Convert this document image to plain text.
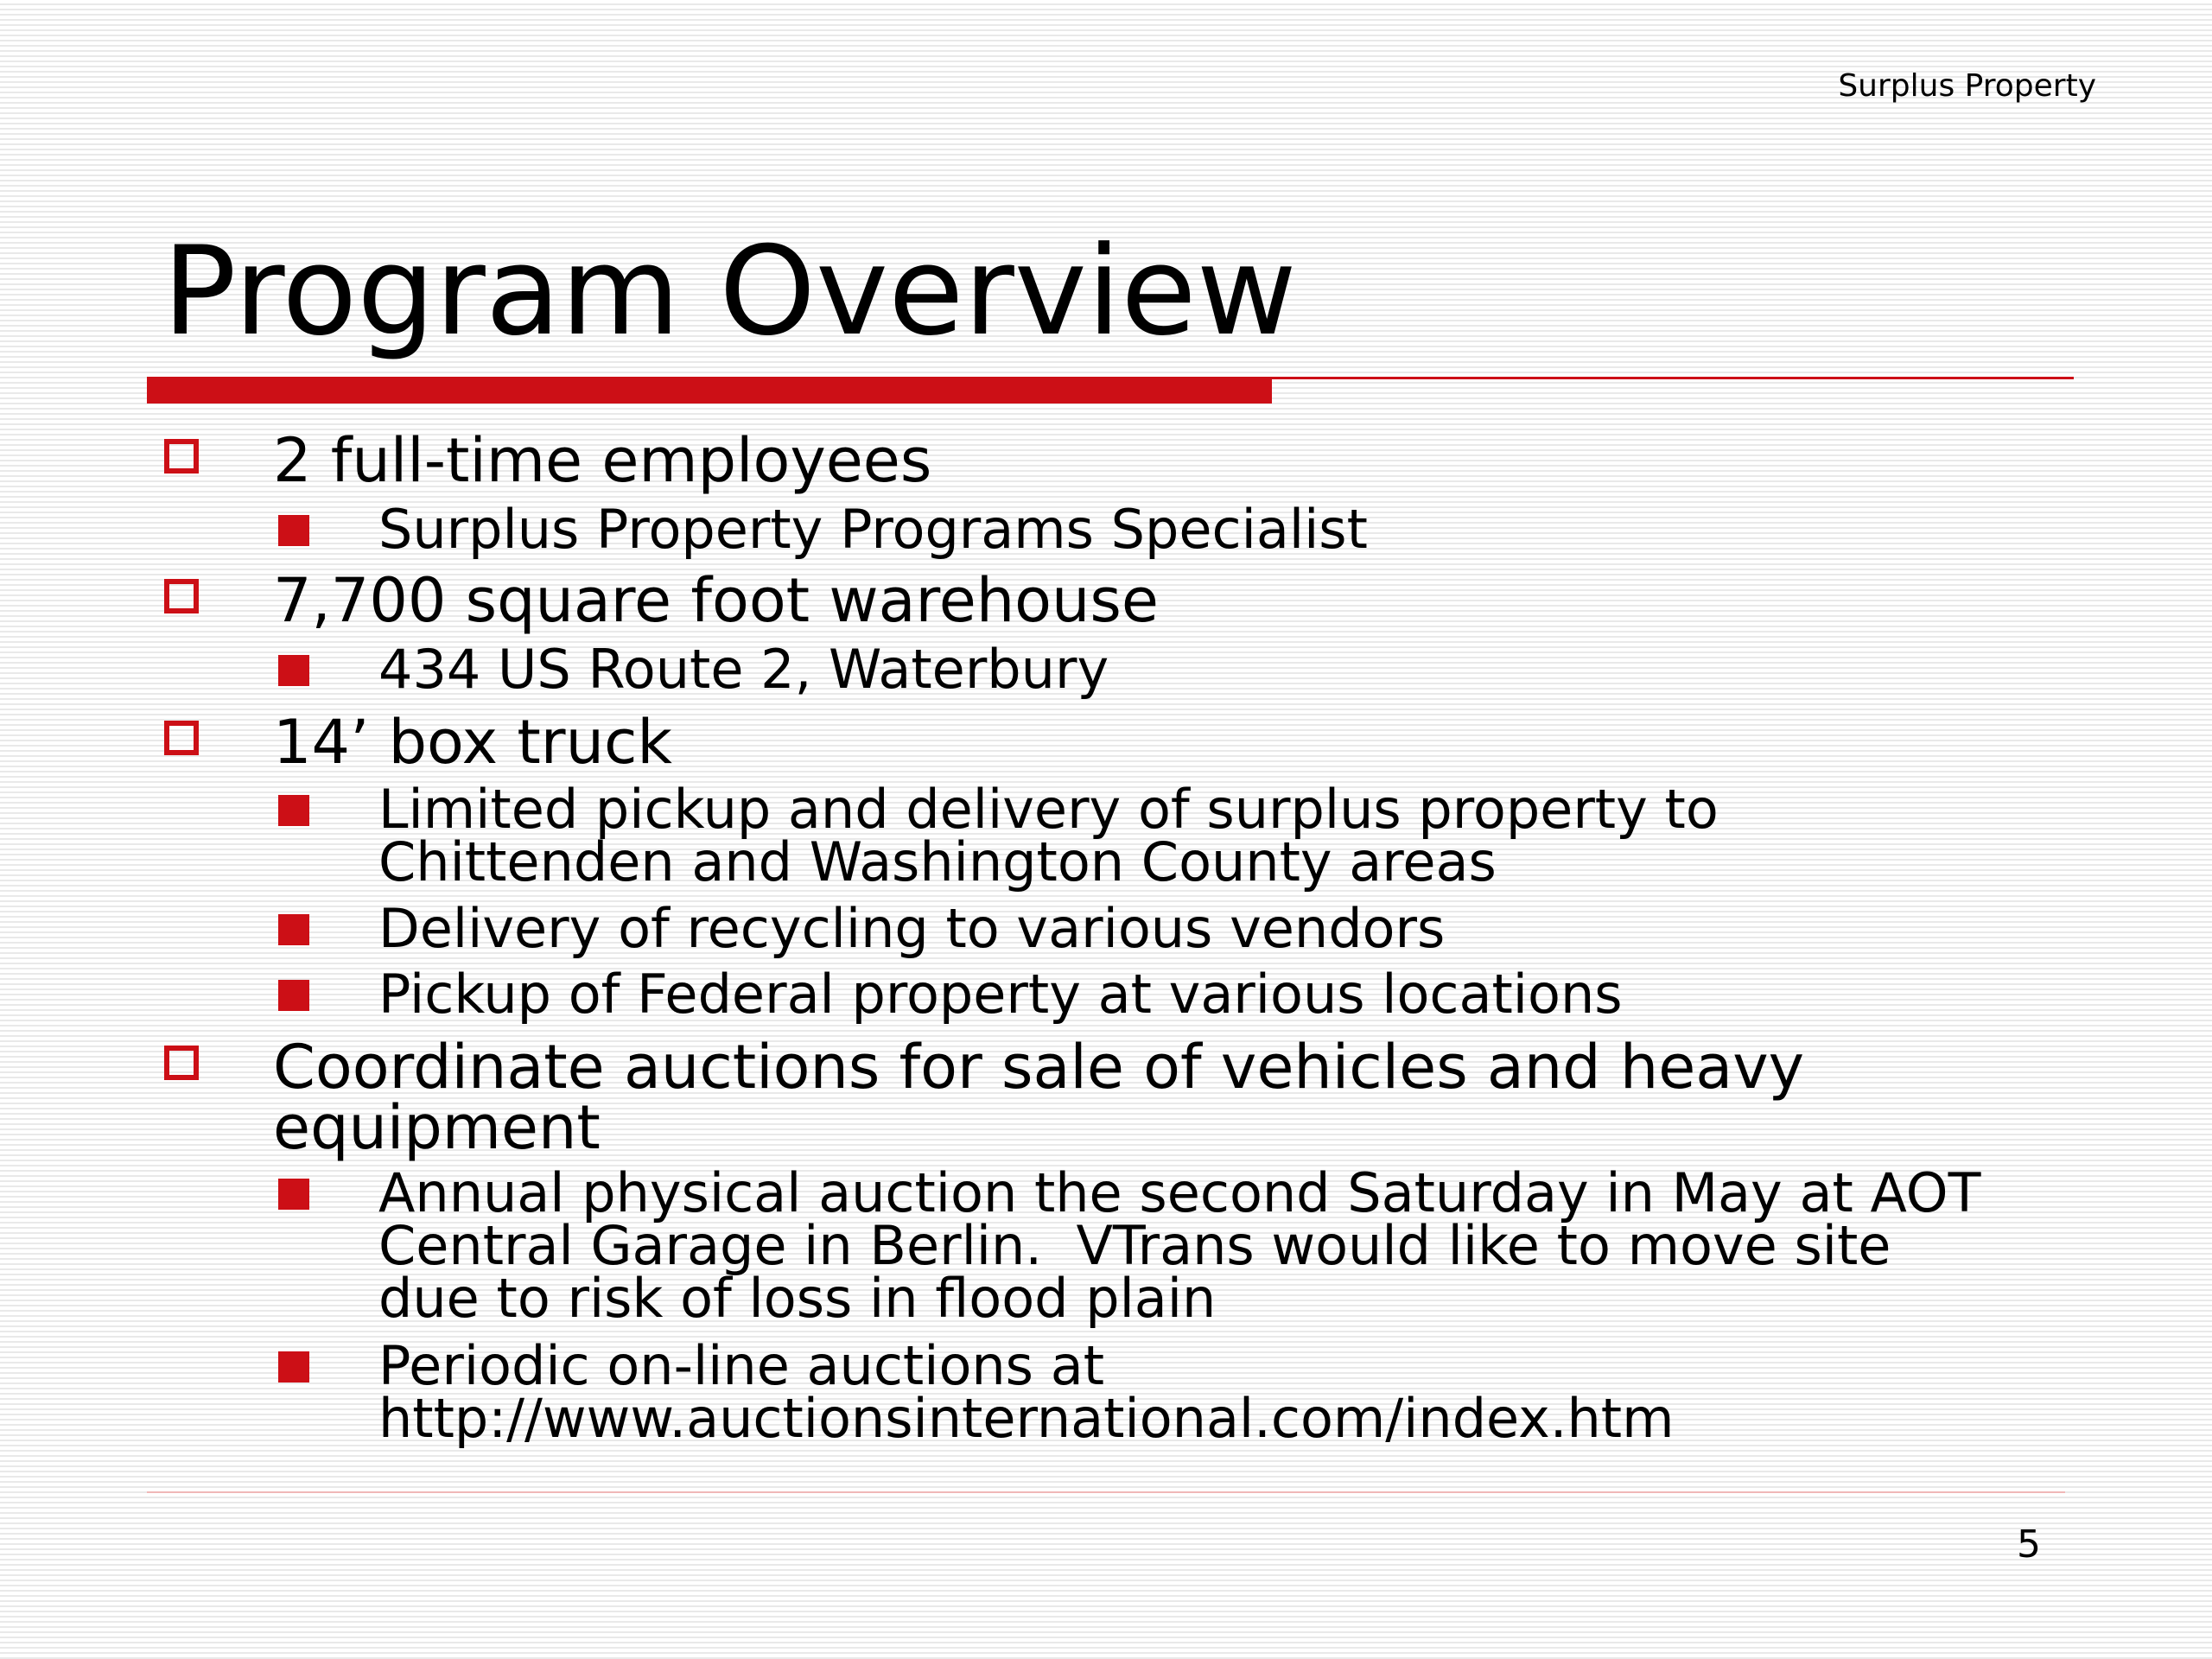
Surplus Property
Program Overview
2 full-time employees
Surplus Property Programs Specialist
7,700 square foot warehouse
434 US Route 2, Waterbury
14’ box truck
Limited pickup and delivery of surplus property to
Chittenden and Washington County areas
Delivery of recycling to various vendors
Pickup of Federal property at various locations
Coordinate auctions for sale of vehicles and heavy
equipment
Annual physical auction the second Saturday in May at AOT
Central Garage in Berlin.  VTrans would like to move site
due to risk of loss in flood plain
Periodic on-line auctions at
http://www.auctionsinternational.com/index.htm
5
